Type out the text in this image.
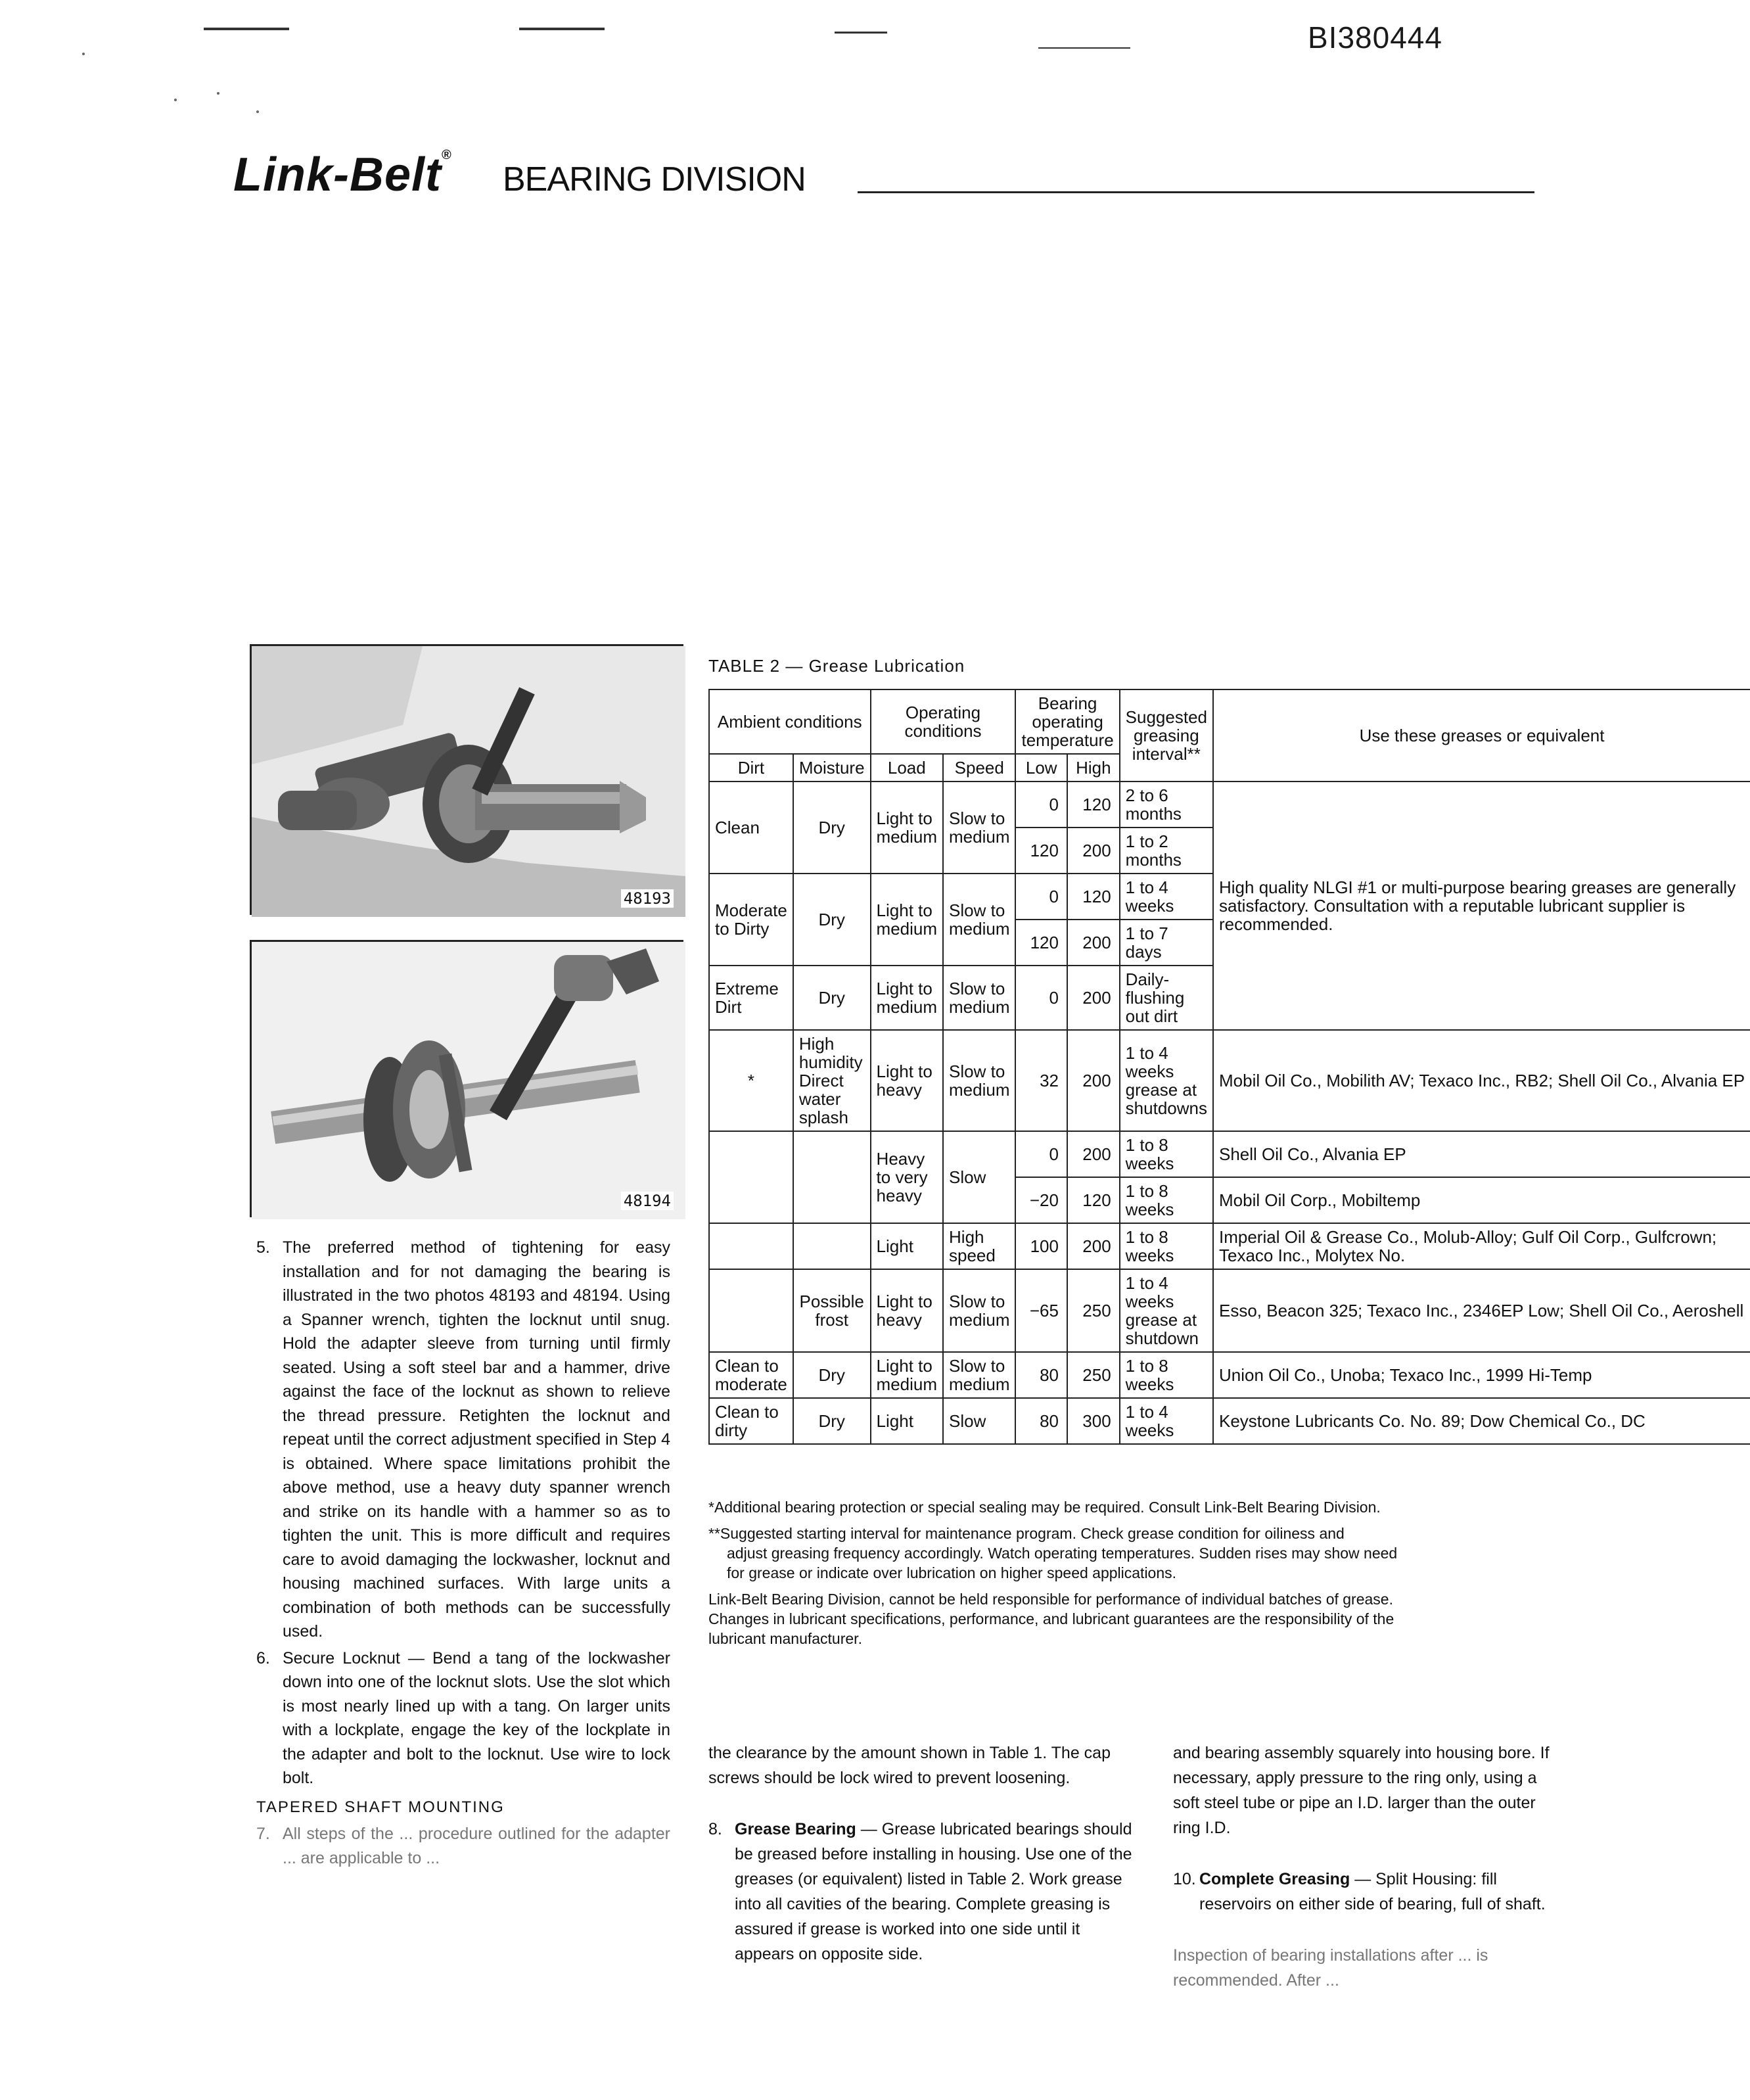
BI380444
Link-Belt®
BEARING DIVISION
48193
48194

5. The preferred method of tightening for easy installation and for not damaging the bearing is illustrated in the two photos 48193 and 48194. Using a Spanner wrench, tighten the locknut until snug. Hold the adapter sleeve from turning until firmly seated. Using a soft steel bar and a hammer, drive against the face of the locknut as shown to relieve the thread pressure. Retighten the locknut and repeat until the correct adjustment specified in Step 4 is obtained. Where space limitations prohibit the above method, use a heavy duty spanner wrench and strike on its handle with a hammer so as to tighten the unit. This is more difficult and requires care to avoid damaging the lockwasher, locknut and housing machined surfaces. With large units a combination of both methods can be successfully used.

6. Secure Locknut — Bend a tang of the lockwasher down into one of the locknut slots. Use the slot which is most nearly lined up with a tang. On larger units with a lockplate, engage the key of the lockplate in the adapter and bolt to the locknut. Use wire to lock bolt.

TAPERED SHAFT MOUNTING

7. All steps of the ... procedure outlined for the adapter ... are applicable to ...

TABLE 2 — Grease Lubrication
Ambient conditions		Operating conditions		Bearing operating temperature		Suggested greasing interval**	Use these greases or equivalent
Dirt	Moisture	Load	Speed	Low	High		
Clean	Dry	Light to medium	Slow to medium	0	120	2 to 6 months	High quality NLGI #1 or multi-purpose bearing greases are generally satisfactory. Consultation with a reputable lubricant supplier is recommended.
				120	200	1 to 2 months	
Moderate to Dirty	Dry	Light to medium	Slow to medium	0	120	1 to 4 weeks	
				120	200	1 to 7 days	
Extreme Dirt	Dry	Light to medium	Slow to medium	0	200	Daily-flushing out dirt	
*	High humidity Direct water splash	Light to heavy	Slow to medium	32	200	1 to 4 weeks grease at shutdowns	Mobil Oil Co., Mobilith AV; Texaco Inc., RB2; Shell Oil Co., Alvania EP
		Heavy to very heavy	Slow	0	200	1 to 8 weeks	Shell Oil Co., Alvania EP
				−20	120	1 to 8 weeks	Mobil Oil Corp., Mobiltemp
		Light	High speed	100	200	1 to 8 weeks	Imperial Oil & Grease Co., Molub-Alloy; Gulf Oil Corp., Gulfcrown; Texaco Inc., Molytex No.
	Possible frost	Light to heavy	Slow to medium	−65	250	1 to 4 weeks grease at shutdown	Esso, Beacon 325; Texaco Inc., 2346EP Low; Shell Oil Co., Aeroshell
Clean to moderate	Dry	Light to medium	Slow to medium	80	250	1 to 8 weeks	Union Oil Co., Unoba; Texaco Inc., 1999 Hi-Temp
Clean to dirty	Dry	Light	Slow	80	300	1 to 4 weeks	Keystone Lubricants Co. No. 89; Dow Chemical Co., DC

*Additional bearing protection or special sealing may be required. Consult Link-Belt Bearing Division.

**Suggested starting interval for maintenance program. Check grease condition for oiliness and

adjust greasing frequency accordingly. Watch operating temperatures. Sudden rises may show need

for grease or indicate over lubrication on higher speed applications.

Link-Belt Bearing Division, cannot be held responsible for performance of individual batches of grease.

Changes in lubricant specifications, performance, and lubricant guarantees are the responsibility of the

lubricant manufacturer.

the clearance by the amount shown in Table 1. The cap screws should be lock wired to prevent loosening.

8. Grease Bearing — Grease lubricated bearings should be greased before installing in housing. Use one of the greases (or equivalent) listed in Table 2. Work grease into all cavities of the bearing. Complete greasing is assured if grease is worked into one side until it appears on opposite side.

and bearing assembly squarely into housing bore. If necessary, apply pressure to the ring only, using a soft steel tube or pipe an I.D. larger than the outer ring I.D.

10. Complete Greasing — Split Housing: fill reservoirs on either side of bearing, full of shaft.

Inspection of bearing installations after ... is recommended. After ...
